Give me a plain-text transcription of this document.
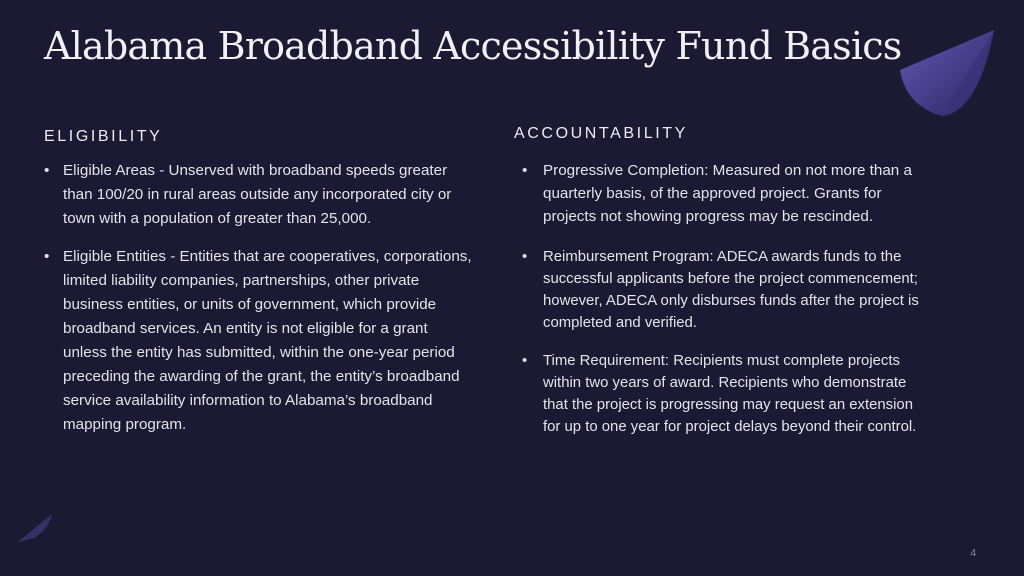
Alabama Broadband Accessibility Fund Basics
ELIGIBILITY
• Eligible Areas - Unserved with broadband speeds greater than 100/20 in rural areas outside any incorporated city or town with a population of greater than 25,000.
• Eligible Entities - Entities that are cooperatives, corporations, limited liability companies, partnerships, other private business entities, or units of government, which provide broadband services. An entity is not eligible for a grant unless the entity has submitted, within the one-year period preceding the awarding of the grant, the entity’s broadband service availability information to Alabama’s broadband mapping program.
ACCOUNTABILITY
• Progressive Completion: Measured on not more than a quarterly basis, of the approved project. Grants for projects not showing progress may be rescinded.
• Reimbursement Program: ADECA awards funds to the successful applicants before the project commencement; however, ADECA only disburses funds after the project is completed and verified.
• Time Requirement: Recipients must complete projects within two years of award. Recipients who demonstrate that the project is progressing may request an extension for up to one year for project delays beyond their control.
4
